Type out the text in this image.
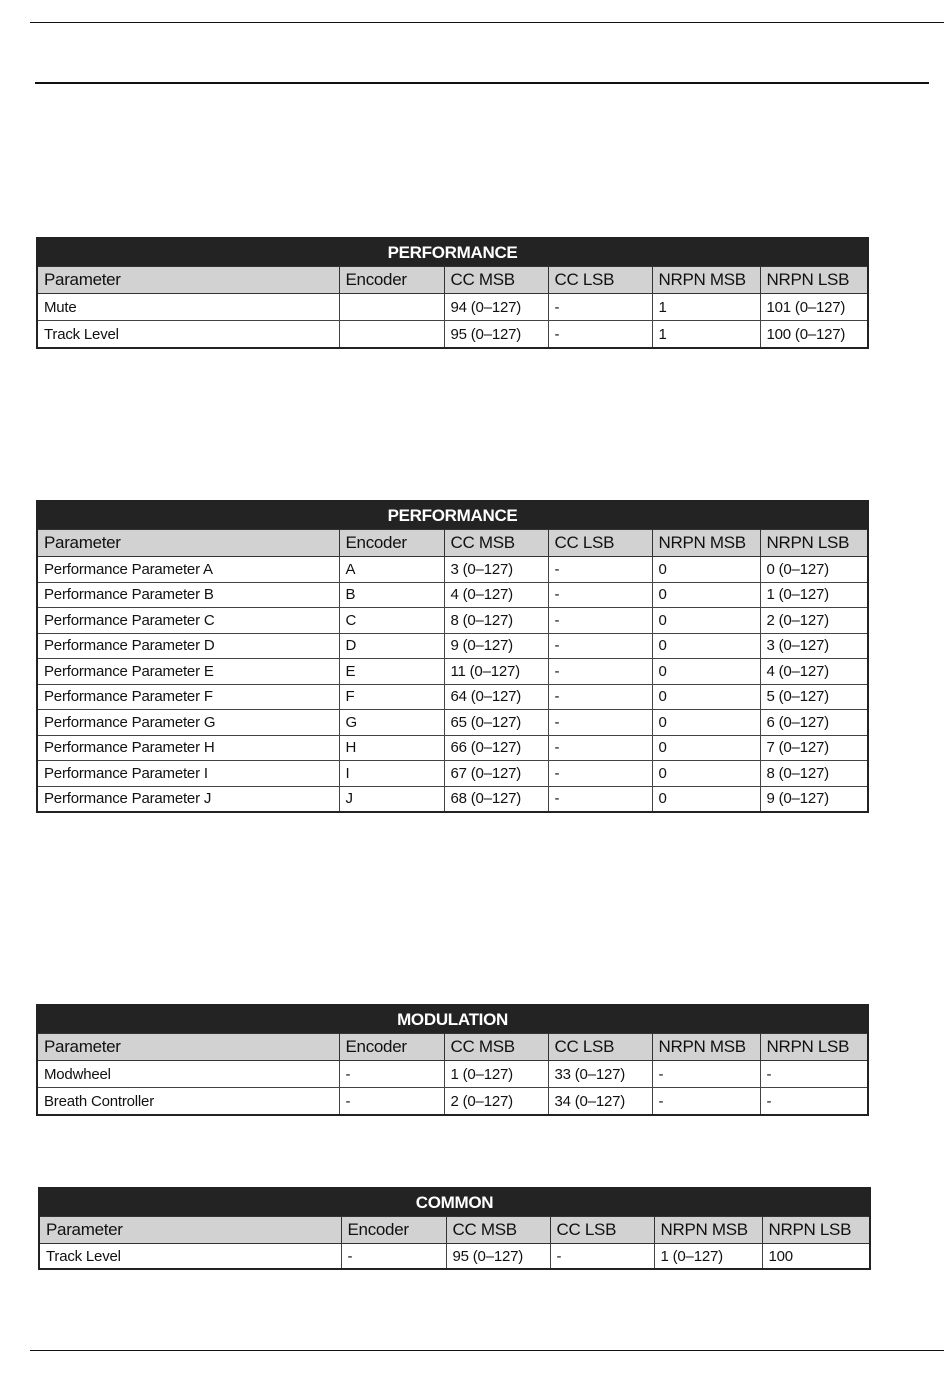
PERFORMANCE					
Parameter	Encoder	CC MSB	CC LSB	NRPN MSB	NRPN LSB
Mute		94 (0–127)	-	1	101 (0–127)
Track Level		95 (0–127)	-	1	100 (0–127)
PERFORMANCE					
Parameter	Encoder	CC MSB	CC LSB	NRPN MSB	NRPN LSB
Performance Parameter A	A	3 (0–127)	-	0	0 (0–127)
Performance Parameter B	B	4 (0–127)	-	0	1 (0–127)
Performance Parameter C	C	8 (0–127)	-	0	2 (0–127)
Performance Parameter D	D	9 (0–127)	-	0	3 (0–127)
Performance Parameter E	E	11 (0–127)	-	0	4 (0–127)
Performance Parameter F	F	64 (0–127)	-	0	5 (0–127)
Performance Parameter G	G	65 (0–127)	-	0	6 (0–127)
Performance Parameter H	H	66 (0–127)	-	0	7 (0–127)
Performance Parameter I	I	67 (0–127)	-	0	8 (0–127)
Performance Parameter J	J	68 (0–127)	-	0	9 (0–127)
MODULATION					
Parameter	Encoder	CC MSB	CC LSB	NRPN MSB	NRPN LSB
Modwheel	-	1 (0–127)	33 (0–127)	-	-
Breath Controller	-	2 (0–127)	34 (0–127)	-	-
COMMON					
Parameter	Encoder	CC MSB	CC LSB	NRPN MSB	NRPN LSB
Track Level	-	95 (0–127)	-	1 (0–127)	100
